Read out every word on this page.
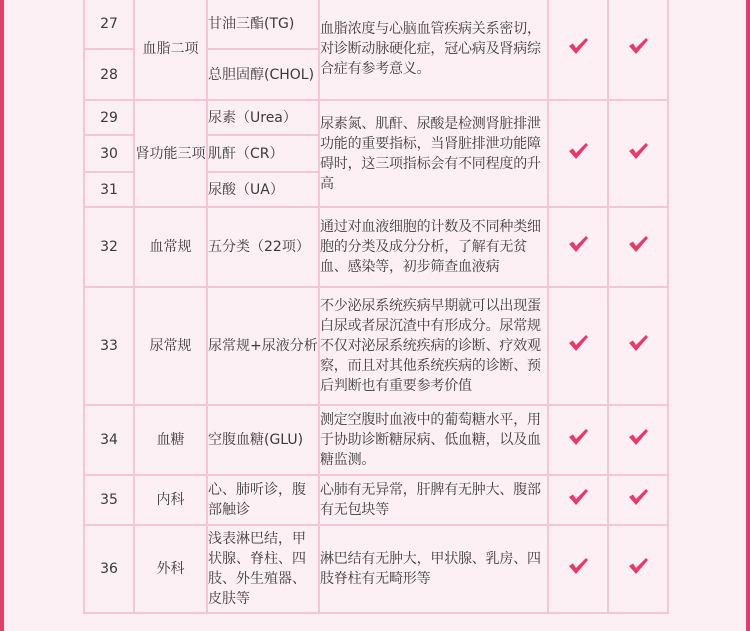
27	血脂二项	甘油三酯(TG)	血脂浓度与心脑血管疾病关系密切，对诊断动脉硬化症，冠心病及肾病综合症有参考意义。	

28		总胆固醇(CHOL)			
29	肾功能三项	尿素（Urea）	尿素氮、肌酐、尿酸是检测肾脏排泄功能的重要指标，当肾脏排泄功能障碍时，这三项指标会有不同程度的升高	

30		肌酐（CR）			
31		尿酸（UA）			
32	血常规	五分类（22项）	通过对血液细胞的计数及不同种类细胞的分类及成分分析，了解有无贫血、感染等，初步筛查血液病	

33	尿常规	尿常规+尿液分析	不少泌尿系统疾病早期就可以出现蛋白尿或者尿沉渣中有形成分。尿常规不仅对泌尿系统疾病的诊断、疗效观察，而且对其他系统疾病的诊断、预后判断也有重要参考价值	

34	血糖	空腹血糖(GLU)	测定空腹时血液中的葡萄糖水平，用于协助诊断糖尿病、低血糖，以及血糖监测。	

35	内科	心、肺听诊，腹部触诊	心肺有无异常，肝脾有无肿大、腹部有无包块等	

36	外科	浅表淋巴结，甲状腺、脊柱、四肢、外生殖器、皮肤等	淋巴结有无肿大，甲状腺、乳房、四肢脊柱有无畸形等	
